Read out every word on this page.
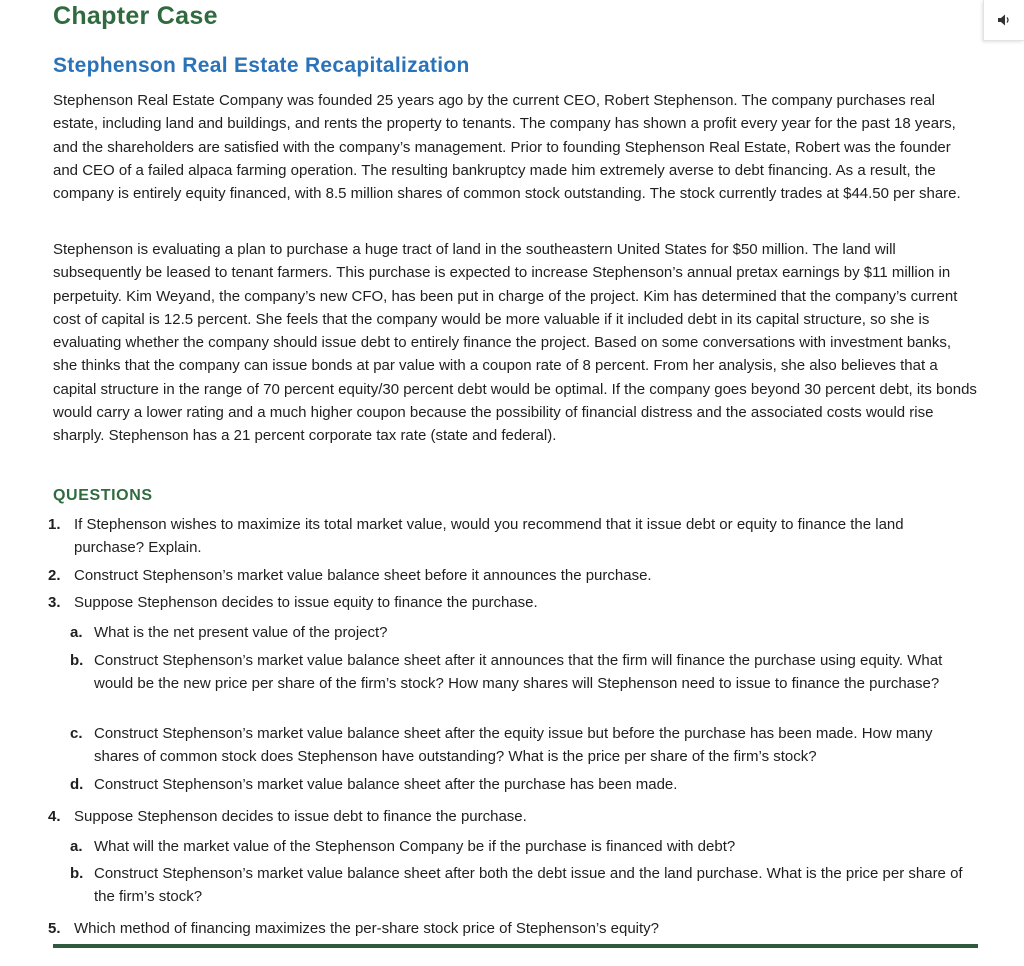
Chapter Case
Stephenson Real Estate Recapitalization

Stephenson Real Estate Company was founded 25 years ago by the current CEO, Robert Stephenson. The company purchases real estate, including land and buildings, and rents the property to tenants. The company has shown a profit every year for the past 18 years, and the shareholders are satisfied with the company’s management. Prior to founding Stephenson Real Estate, Robert was the founder and CEO of a failed alpaca farming operation. The resulting bankruptcy made him extremely averse to debt financing. As a result, the company is entirely equity financed, with 8.5 million shares of common stock outstanding. The stock currently trades at $44.50 per share.

Stephenson is evaluating a plan to purchase a huge tract of land in the southeastern United States for $50 million. The land will subsequently be leased to tenant farmers. This purchase is expected to increase Stephenson’s annual pretax earnings by $11 million in perpetuity. Kim Weyand, the company’s new CFO, has been put in charge of the project. Kim has determined that the company’s current cost of capital is 12.5 percent. She feels that the company would be more valuable if it included debt in its capital structure, so she is evaluating whether the company should issue debt to entirely finance the project. Based on some conversations with investment banks, she thinks that the company can issue bonds at par value with a coupon rate of 8 percent. From her analysis, she also believes that a capital structure in the range of 70 percent equity/30 percent debt would be optimal. If the company goes beyond 30 percent debt, its bonds would carry a lower rating and a much higher coupon because the possibility of financial distress and the associated costs would rise sharply. Stephenson has a 21 percent corporate tax rate (state and federal).

QUESTIONS
1. If Stephenson wishes to maximize its total market value, would you recommend that it issue debt or equity to finance the land purchase? Explain.
2. Construct Stephenson’s market value balance sheet before it announces the purchase.
3. Suppose Stephenson decides to issue equity to finance the purchase.
a. What is the net present value of the project?
b. Construct Stephenson’s market value balance sheet after it announces that the firm will finance the purchase using equity. What would be the new price per share of the firm’s stock? How many shares will Stephenson need to issue to finance the purchase?
c. Construct Stephenson’s market value balance sheet after the equity issue but before the purchase has been made. How many shares of common stock does Stephenson have outstanding? What is the price per share of the firm’s stock?
d. Construct Stephenson’s market value balance sheet after the purchase has been made.
4. Suppose Stephenson decides to issue debt to finance the purchase.
a. What will the market value of the Stephenson Company be if the purchase is financed with debt?
b. Construct Stephenson’s market value balance sheet after both the debt issue and the land purchase. What is the price per share of the firm’s stock?
5. Which method of financing maximizes the per-share stock price of Stephenson’s equity?
